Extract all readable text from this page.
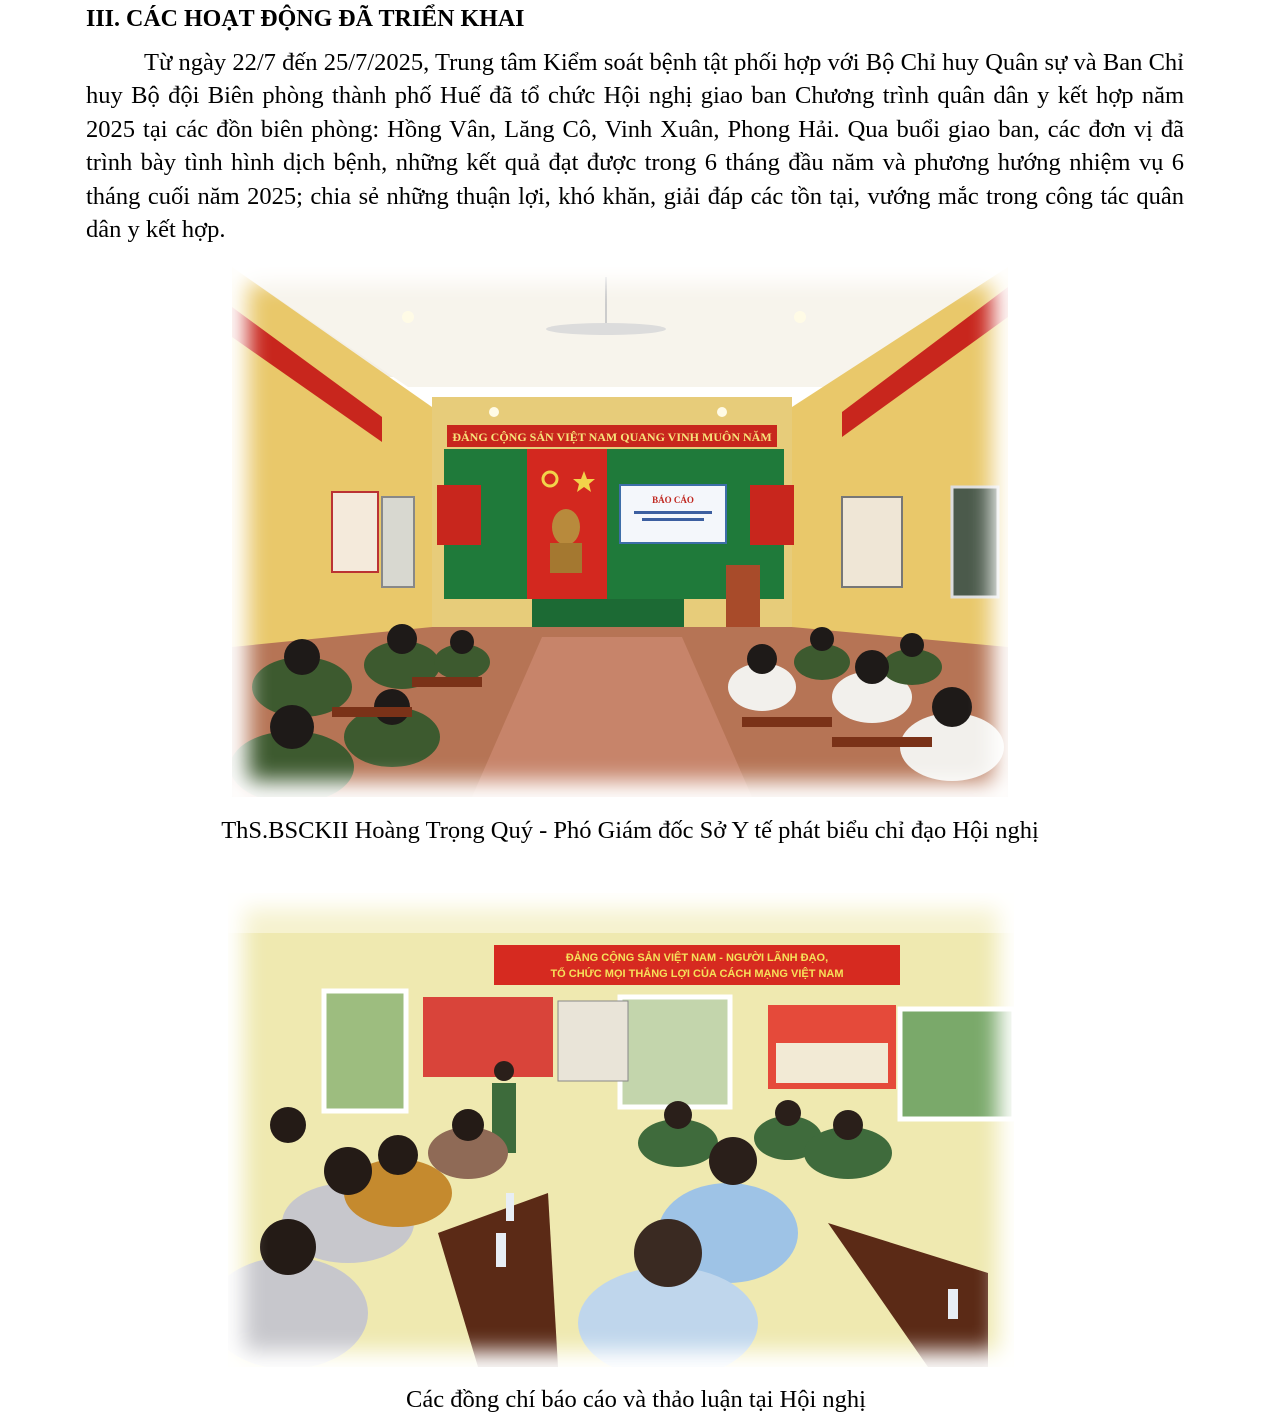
III. CÁC HOẠT ĐỘNG ĐÃ TRIỂN KHAI

Từ ngày 22/7 đến 25/7/2025, Trung tâm Kiểm soát bệnh tật phối hợp với Bộ Chỉ huy Quân sự và Ban Chỉ huy Bộ đội Biên phòng thành phố Huế đã tổ chức Hội nghị giao ban Chương trình quân dân y kết hợp năm 2025 tại các đồn biên phòng: Hồng Vân, Lăng Cô, Vinh Xuân, Phong Hải. Qua buổi giao ban, các đơn vị đã trình bày tình hình dịch bệnh, những kết quả đạt được trong 6 tháng đầu năm và phương hướng nhiệm vụ 6 tháng cuối năm 2025; chia sẻ những thuận lợi, khó khăn, giải đáp các tồn tại, vướng mắc trong công tác quân dân y kết hợp.

ĐẢNG CỘNG SẢN VIỆT NAM QUANG VINH MUÔN NĂM
BÁO CÁO

ThS.BSCKII Hoàng Trọng Quý - Phó Giám đốc Sở Y tế phát biểu chỉ đạo Hội nghị

ĐẢNG CỘNG SẢN VIỆT NAM - NGƯỜI LÃNH ĐẠO,
TỔ CHỨC MỌI THẮNG LỢI CỦA CÁCH MẠNG VIỆT NAM

Các đồng chí báo cáo và thảo luận tại Hội nghị
